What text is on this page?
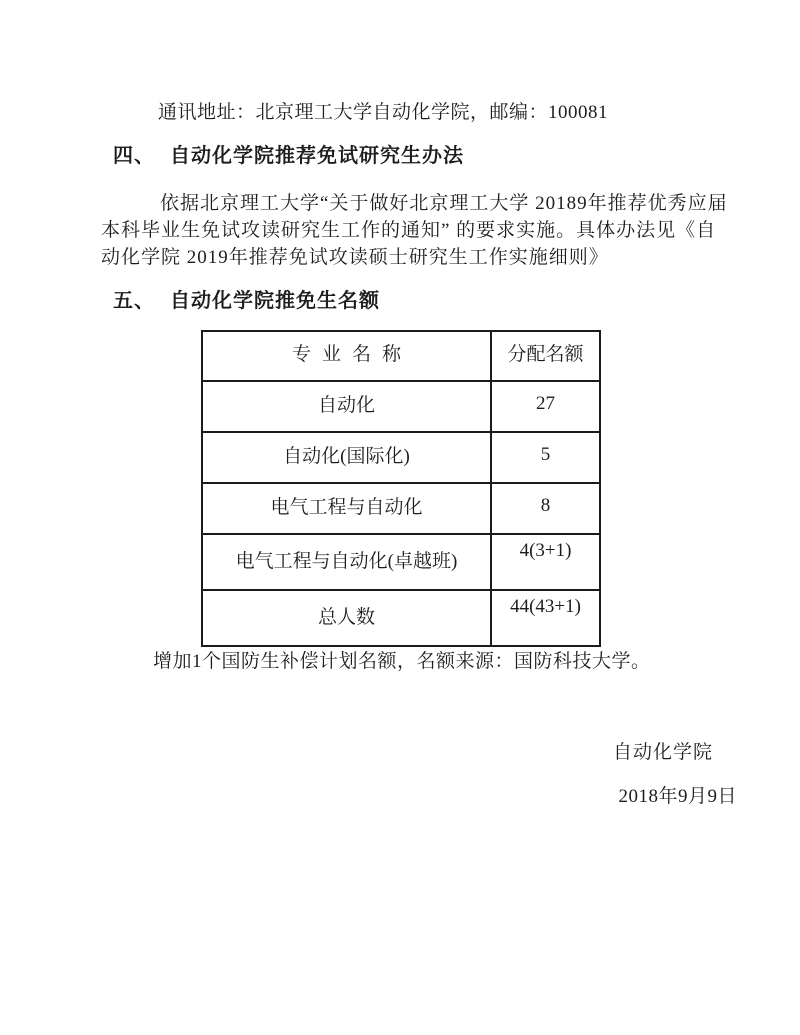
通讯地址：北京理工大学自动化学院，邮编：100081
四、 自动化学院推荐免试研究生办法
依据北京理工大学“关于做好北京理工大学 20189年推荐优秀应届
本科毕业生免试攻读研究生工作的通知” 的要求实施。具体办法见《自
动化学院 2019年推荐免试攻读硕士研究生工作实施细则》
五、 自动化学院推免生名额
专业名称	分配名额
自动化	27
自动化(国际化)	5
电气工程与自动化	8
电气工程与自动化(卓越班)	4(3+1)
总人数	44(43+1)
增加1个国防生补偿计划名额，名额来源：国防科技大学。
自动化学院
2018年9月9日
